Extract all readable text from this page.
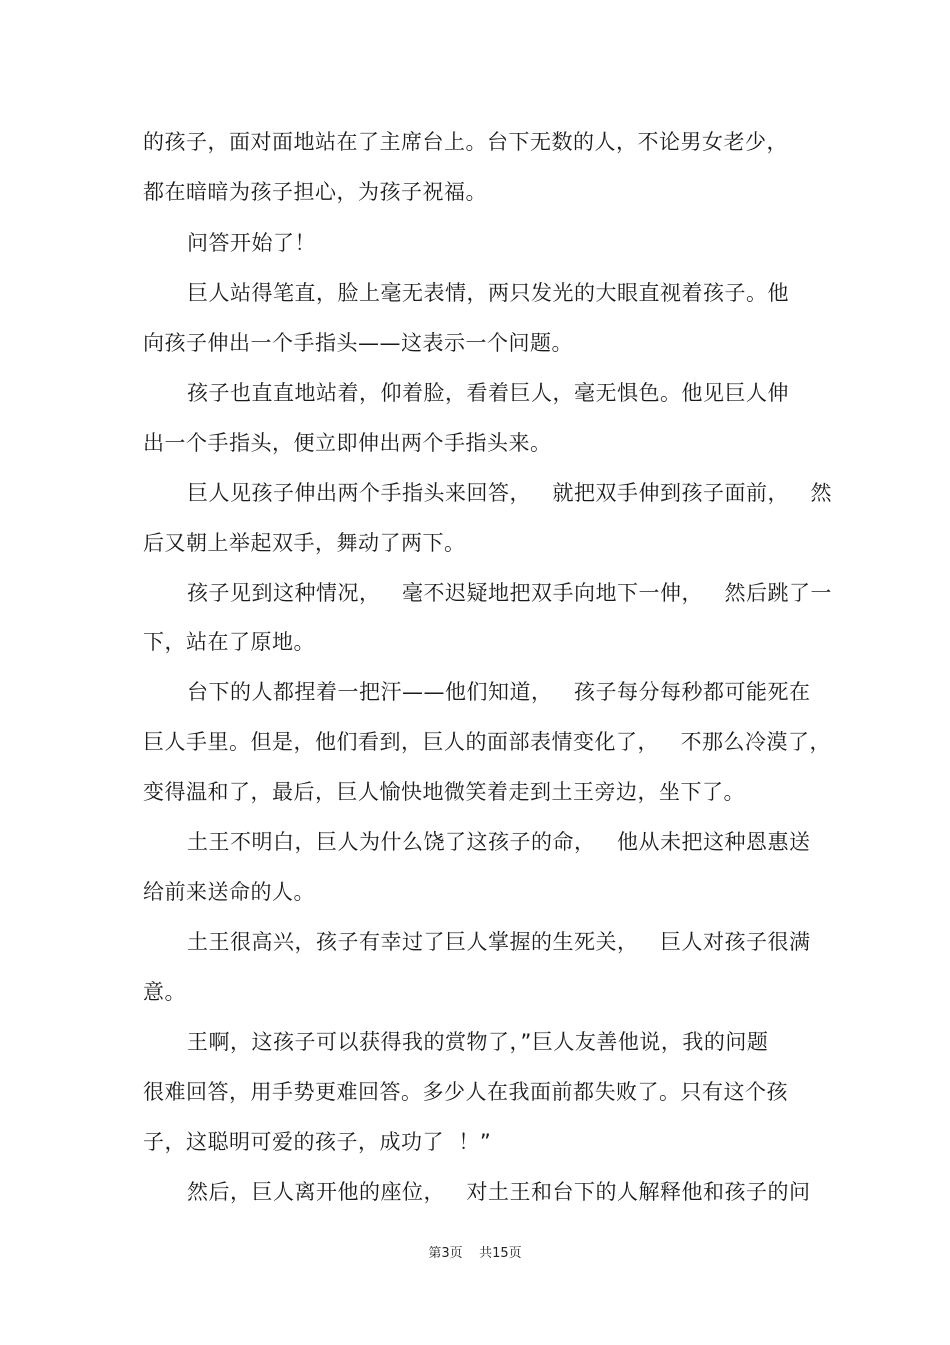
的孩子，面对面地站在了主席台上。台下无数的人，不论男女老少，
都在暗暗为孩子担心，为孩子祝福。
问答开始了！
巨人站得笔直，脸上毫无表情，两只发光的大眼直视着孩子。他
向孩子伸出一个手指头——这表示一个问题。
孩子也直直地站着，仰着脸，看着巨人，毫无惧色。他见巨人伸
出一个手指头，便立即伸出两个手指头来。
巨人见孩子伸出两个手指头来回答，   就把双手伸到孩子面前，   然
后又朝上举起双手，舞动了两下。
孩子见到这种情况，   毫不迟疑地把双手向地下一伸，   然后跳了一
下，站在了原地。
台下的人都捏着一把汗——他们知道，   孩子每分每秒都可能死在
巨人手里。但是，他们看到，巨人的面部表情变化了，   不那么冷漠了，
变得温和了，最后，巨人愉快地微笑着走到土王旁边，坐下了。
土王不明白，巨人为什么饶了这孩子的命，   他从未把这种恩惠送
给前来送命的人。
土王很高兴，孩子有幸过了巨人掌握的生死关，   巨人对孩子很满
意。
王啊，这孩子可以获得我的赏物了，”巨人友善他说，我的问题
很难回答，用手势更难回答。多少人在我面前都失败了。只有这个孩
子，这聪明可爱的孩子，成功了  ！”
然后，巨人离开他的座位，   对土王和台下的人解释他和孩子的问
第3页    共15页
